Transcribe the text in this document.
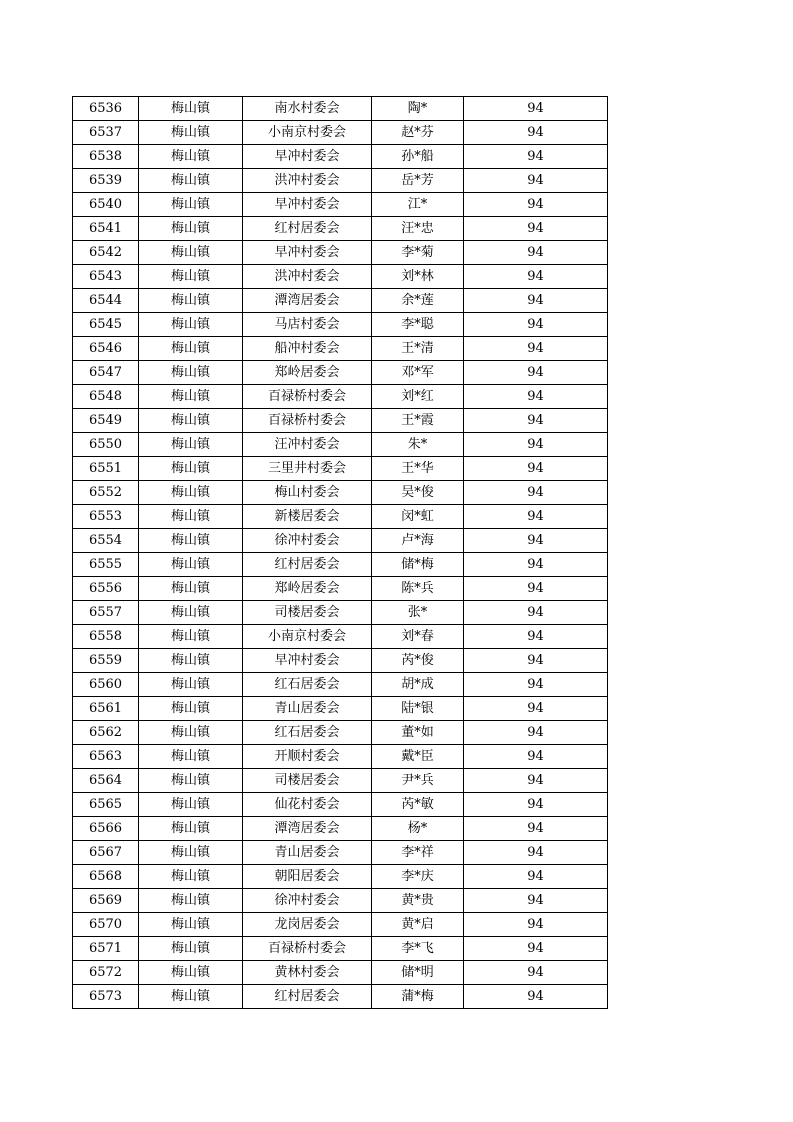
6536	梅山镇	南水村委会	陶*	94
6537	梅山镇	小南京村委会	赵*芬	94
6538	梅山镇	早冲村委会	孙*船	94
6539	梅山镇	洪冲村委会	岳*芳	94
6540	梅山镇	早冲村委会	江*	94
6541	梅山镇	红村居委会	汪*忠	94
6542	梅山镇	早冲村委会	李*菊	94
6543	梅山镇	洪冲村委会	刘*林	94
6544	梅山镇	潭湾居委会	余*莲	94
6545	梅山镇	马店村委会	李*聪	94
6546	梅山镇	船冲村委会	王*清	94
6547	梅山镇	郑岭居委会	邓*军	94
6548	梅山镇	百禄桥村委会	刘*红	94
6549	梅山镇	百禄桥村委会	王*霞	94
6550	梅山镇	汪冲村委会	朱*	94
6551	梅山镇	三里井村委会	王*华	94
6552	梅山镇	梅山村委会	吴*俊	94
6553	梅山镇	新楼居委会	闵*虹	94
6554	梅山镇	徐冲村委会	卢*海	94
6555	梅山镇	红村居委会	储*梅	94
6556	梅山镇	郑岭居委会	陈*兵	94
6557	梅山镇	司楼居委会	张*	94
6558	梅山镇	小南京村委会	刘*春	94
6559	梅山镇	早冲村委会	芮*俊	94
6560	梅山镇	红石居委会	胡*成	94
6561	梅山镇	青山居委会	陆*银	94
6562	梅山镇	红石居委会	董*如	94
6563	梅山镇	开顺村委会	戴*臣	94
6564	梅山镇	司楼居委会	尹*兵	94
6565	梅山镇	仙花村委会	芮*敏	94
6566	梅山镇	潭湾居委会	杨*	94
6567	梅山镇	青山居委会	李*祥	94
6568	梅山镇	朝阳居委会	李*庆	94
6569	梅山镇	徐冲村委会	黄*贵	94
6570	梅山镇	龙岗居委会	黄*启	94
6571	梅山镇	百禄桥村委会	李*飞	94
6572	梅山镇	黄林村委会	储*明	94
6573	梅山镇	红村居委会	蒲*梅	94
